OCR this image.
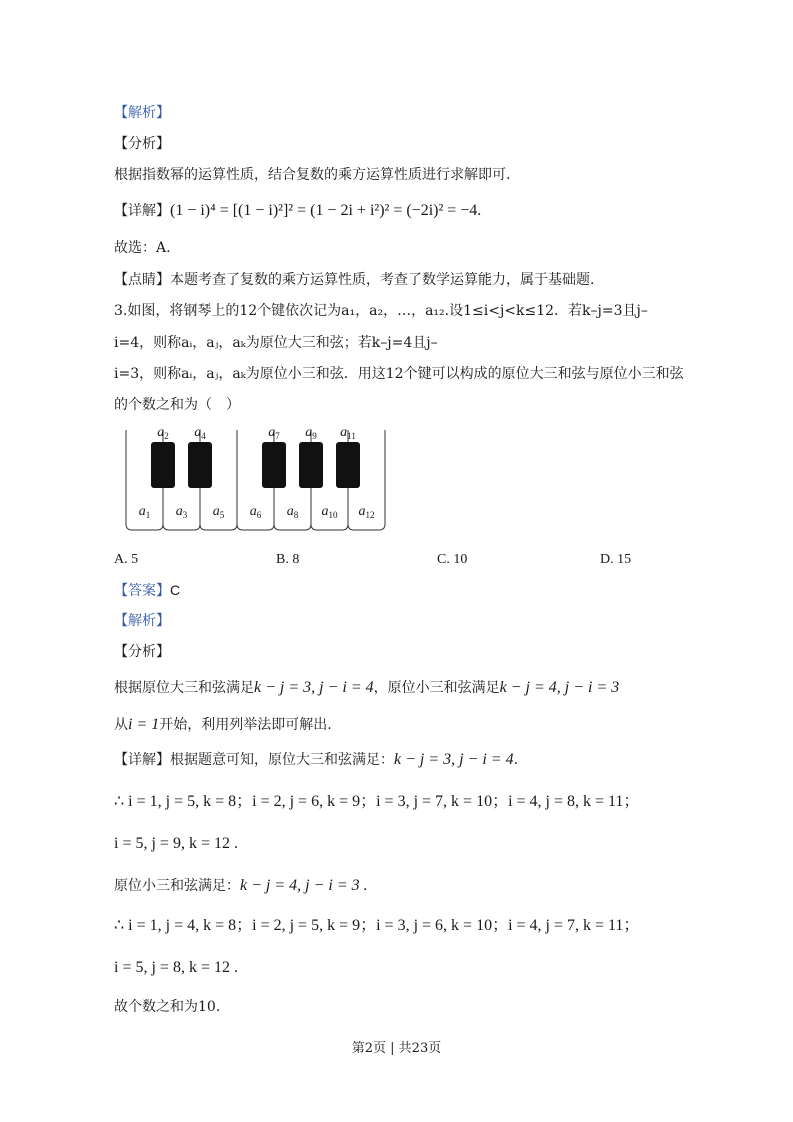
【解析】
【分析】
根据指数幂的运算性质，结合复数的乘方运算性质进行求解即可.
【详解】(1 − i)⁴ = [(1 − i)²]² = (1 − 2i + i²)² = (−2i)² = −4.
故选：A.
【点睛】本题考查了复数的乘方运算性质，考查了数学运算能力，属于基础题.
3.如图，将钢琴上的12个键依次记为a₁，a₂，…，a₁₂.设1≤i<j<k≤12．若k–j=3且j–
i=4，则称aᵢ，aⱼ，aₖ为原位大三和弦；若k–j=4且j–
i=3，则称aᵢ，aⱼ，aₖ为原位小三和弦．用这12个键可以构成的原位大三和弦与原位小三和弦
的个数之和为（　）
$a_1$ $a_3$ $a_5$ $a_6$ $a_8$ $a_{10}$ $a_{12}$
$a_2$ $a_4$	$a_7$ $a_9$ $a_{11}$
A. 5	B. 8	C. 10	D. 15
【答案】C
【解析】
【分析】
根据原位大三和弦满足k − j = 3, j − i = 4，原位小三和弦满足k − j = 4, j − i = 3
从i = 1开始，利用列举法即可解出.
【详解】根据题意可知，原位大三和弦满足：k − j = 3, j − i = 4.
∴ i = 1, j = 5, k = 8；i = 2, j = 6, k = 9；i = 3, j = 7, k = 10；i = 4, j = 8, k = 11；
i = 5, j = 9, k = 12 .
原位小三和弦满足：k − j = 4, j − i = 3 .
∴ i = 1, j = 4, k = 8；i = 2, j = 5, k = 9；i = 3, j = 6, k = 10；i = 4, j = 7, k = 11；
i = 5, j = 8, k = 12 .
故个数之和为10.
第2页 | 共23页
